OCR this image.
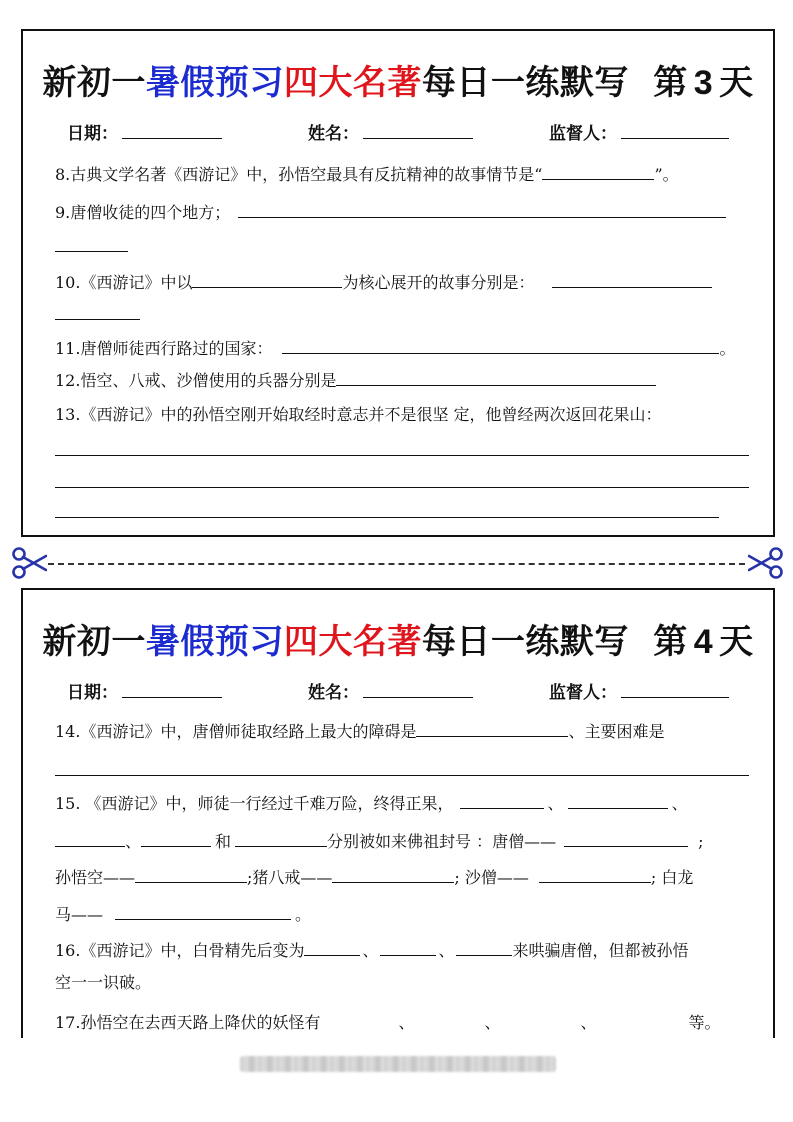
新初一暑假预习四大名著每日一练默写 第 3 天
日期：	姓名：	监督人：
8.古典文学名著《西游记》中，孙悟空最具有反抗精神的故事情节是“	”。
9.唐僧收徒的四个地方；
10.《西游记》中以	为核心展开的故事分别是：
11.唐僧师徒西行路过的国家：	。
12.悟空、八戒、沙僧使用的兵器分别是
13.《西游记》中的孙悟空刚开始取经时意志并不是很坚 定，他曾经两次返回花果山：
新初一暑假预习四大名著每日一练默写 第 4 天
日期：	姓名：	监督人：
14.《西游记》中，唐僧师徒取经路上最大的障碍是	、主要困难是
15. 《西游记》中，师徒一行经过千难万险，终得正果，	、	、
、	和	分别被如来佛祖封号 ：唐僧——	;
孙悟空——	;猪八戒——	; 沙僧——	; 白龙
马——	。
16.《西游记》中，白骨精先后变为	、	、	来哄骗唐僧，但都被孙悟
空一一识破。
17.孙悟空在去西天路上降伏的妖怪有	、	、	、	等。
